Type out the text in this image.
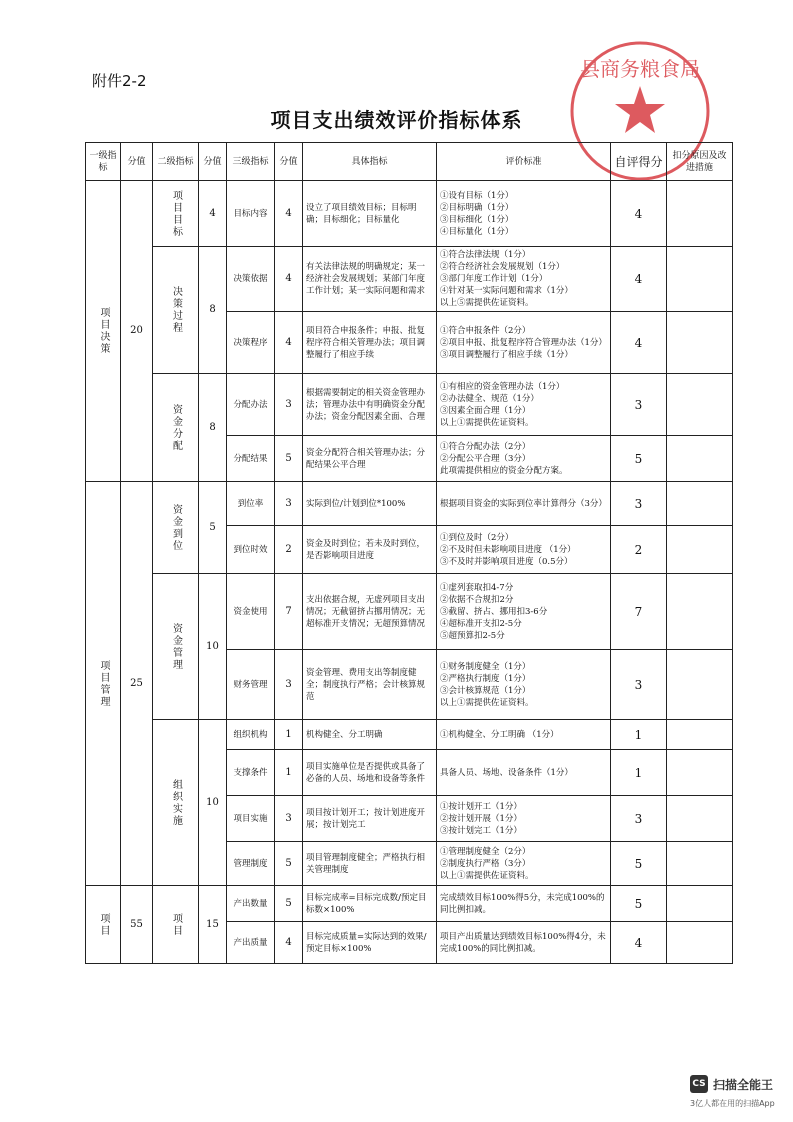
附件2-2
项目支出绩效评价指标体系
县商务粮食局
一级指标	分值	二级指标	分值	三级指标	分值	具体指标	评价标准	自评得分	扣分原因及改进措施

项目决策	20	项目目标	4	目标内容	4	设立了项目绩效目标；目标明确；目标细化；目标量化	①设有目标（1分）
②目标明确（1分）
③目标细化（1分）
④目标量化（1分）	4	

		决策过程	8	决策依据	4	有关法律法规的明确规定；某一经济社会发展规划；某部门年度工作计划；某一实际问题和需求	①符合法律法规（1分）
②符合经济社会发展规划（1分）
③部门年度工作计划（1分）
④针对某一实际问题和需求（1分）
以上⑤需提供佐证资料。	4	
				决策程序	4	项目符合申报条件；申报、批复程序符合相关管理办法；项目调整履行了相应手续	①符合申报条件（2分）
②项目申报、批复程序符合管理办法（1分）
③项目调整履行了相应手续（1分）	4	

		资金分配	8	分配办法	3	根据需要制定的相关资金管理办法；管理办法中有明确资金分配办法；资金分配因素全面、合理	①有相应的资金管理办法（1分）
②办法健全、规范（1分）
③因素全面合理（1分）
以上①需提供佐证资料。	3	
				分配结果	5	资金分配符合相关管理办法；分配结果公平合理	①符合分配办法（2分）
②分配公平合理（3分）
此项需提供相应的资金分配方案。	5	

项目管理	25	资金到位	5	到位率	3	实际到位/计划到位*100%	根据项目资金的实际到位率计算得分（3分）	3	
				到位时效	2	资金及时到位；若未及时到位，是否影响项目进度	①到位及时（2分）
②不及时但未影响项目进度 （1分）
③不及时并影响项目进度（0.5分）	2	

		资金管理	10	资金使用	7	支出依据合规，无虚列项目支出情况；无截留挤占挪用情况；无超标准开支情况；无超预算情况	①虚列套取扣4-7分
②依据不合规扣2分
③截留、挤占、挪用扣3-6分
④超标准开支扣2-5分
⑤超预算扣2-5分	7	
				财务管理	3	资金管理、费用支出等制度健全；制度执行严格；会计核算规范	①财务制度健全（1分）
②严格执行制度（1分）
③会计核算规范（1分）
以上①需提供佐证资料。	3	

		组织实施	10	组织机构	1	机构健全、分工明确	①机构健全、分工明确 （1分）	1	
				支撑条件	1	项目实施单位是否提供或具备了必备的人员、场地和设备等条件	具备人员、场地、设备条件（1分）	1	
				项目实施	3	项目按计划开工；按计划进度开展；按计划完工	①按计划开工（1分）
②按计划开展（1分）
③按计划完工（1分）	3	
				管理制度	5	项目管理制度健全；严格执行相关管理制度	①管理制度健全（2分）
②制度执行严格（3分）
以上①需提供佐证资料。	5	

项目	55	项目	15	产出数量	5	目标完成率=目标完成数/预定目标数×100%	完成绩效目标100%得5分，未完成100%的同比例扣减。	5	
				产出质量	4	目标完成质量=实际达到的效果/预定目标×100%	项目产出质量达到绩效目标100%得4分，未完成100%的同比例扣减。	4	
CS 扫描全能王
3亿人都在用的扫描App
